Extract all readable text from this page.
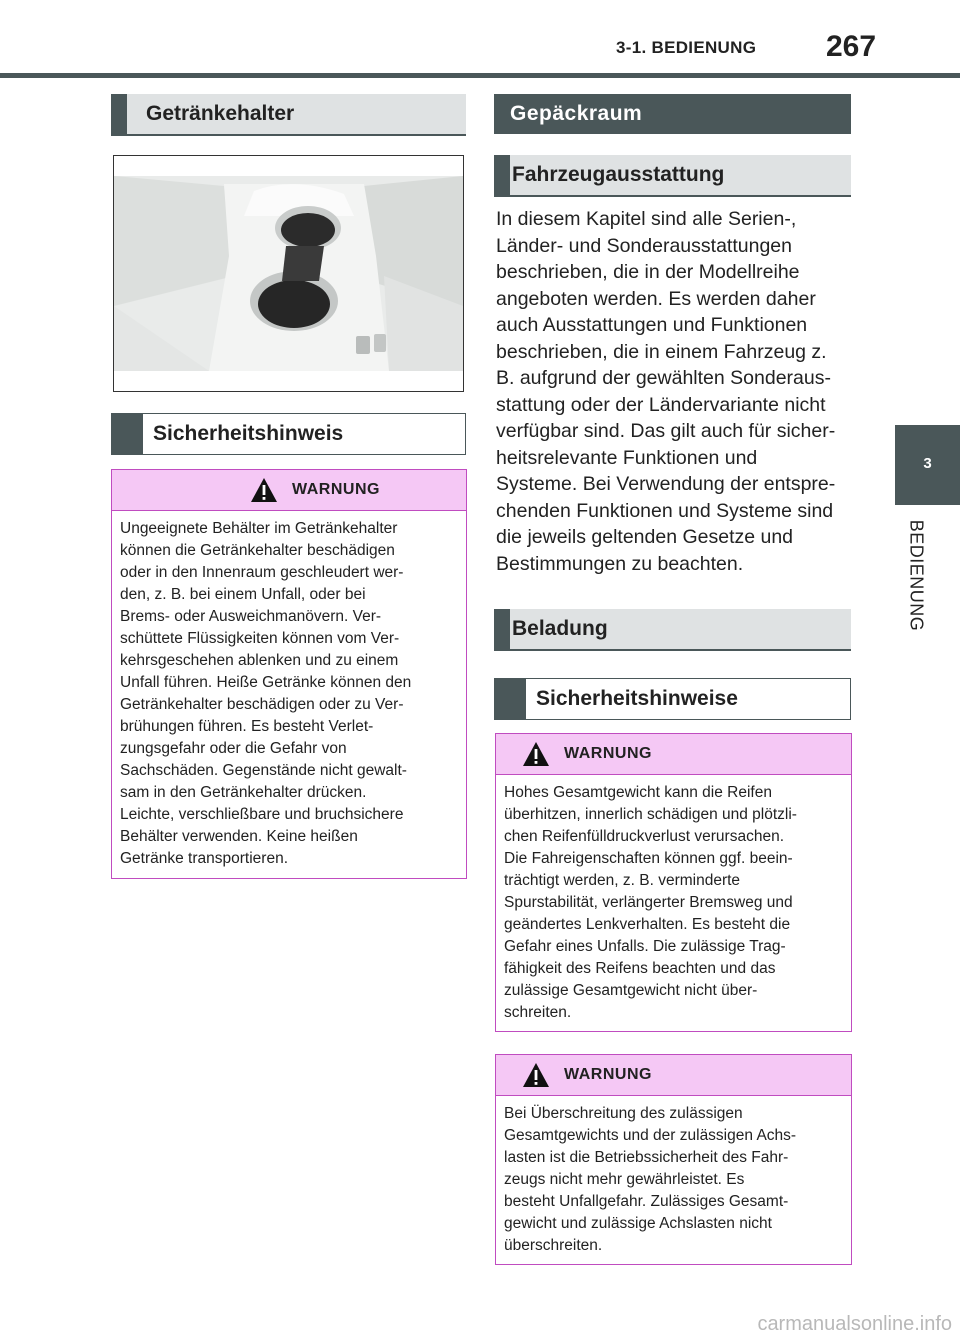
3-1. BEDIENUNG 267
3
BEDIENUNG
Getränkehalter
Sicherheitshinweis
WARNUNG
Ungeeignete Behälter im Getränkehalter
können die Getränkehalter beschädigen
oder in den Innenraum geschleudert wer-
den, z. B. bei einem Unfall, oder bei
Brems- oder Ausweichmanövern. Ver-
schüttete Flüssigkeiten können vom Ver-
kehrsgeschehen ablenken und zu einem
Unfall führen. Heiße Getränke können den
Getränkehalter beschädigen oder zu Ver-
brühungen führen. Es besteht Verlet-
zungsgefahr oder die Gefahr von
Sachschäden. Gegenstände nicht gewalt-
sam in den Getränkehalter drücken.
Leichte, verschließbare und bruchsichere
Behälter verwenden. Keine heißen
Getränke transportieren.
Gepäckraum
Fahrzeugausstattung
In diesem Kapitel sind alle Serien-,
Länder- und Sonderausstattungen
beschrieben, die in der Modellreihe
angeboten werden. Es werden daher
auch Ausstattungen und Funktionen
beschrieben, die in einem Fahrzeug z.
B. aufgrund der gewählten Sonderaus-
stattung oder der Ländervariante nicht
verfügbar sind. Das gilt auch für sicher-
heitsrelevante Funktionen und
Systeme. Bei Verwendung der entspre-
chenden Funktionen und Systeme sind
die jeweils geltenden Gesetze und
Bestimmungen zu beachten.
Beladung
Sicherheitshinweise
WARNUNG
Hohes Gesamtgewicht kann die Reifen
überhitzen, innerlich schädigen und plötzli-
chen Reifenfülldruckverlust verursachen.
Die Fahreigenschaften können ggf. beein-
trächtigt werden, z. B. verminderte
Spurstabilität, verlängerter Bremsweg und
geändertes Lenkverhalten. Es besteht die
Gefahr eines Unfalls. Die zulässige Trag-
fähigkeit des Reifens beachten und das
zulässige Gesamtgewicht nicht über-
schreiten.
WARNUNG
Bei Überschreitung des zulässigen
Gesamtgewichts und der zulässigen Achs-
lasten ist die Betriebssicherheit des Fahr-
zeugs nicht mehr gewährleistet. Es
besteht Unfallgefahr. Zulässiges Gesamt-
gewicht und zulässige Achslasten nicht
überschreiten.
carmanualsonline.info
